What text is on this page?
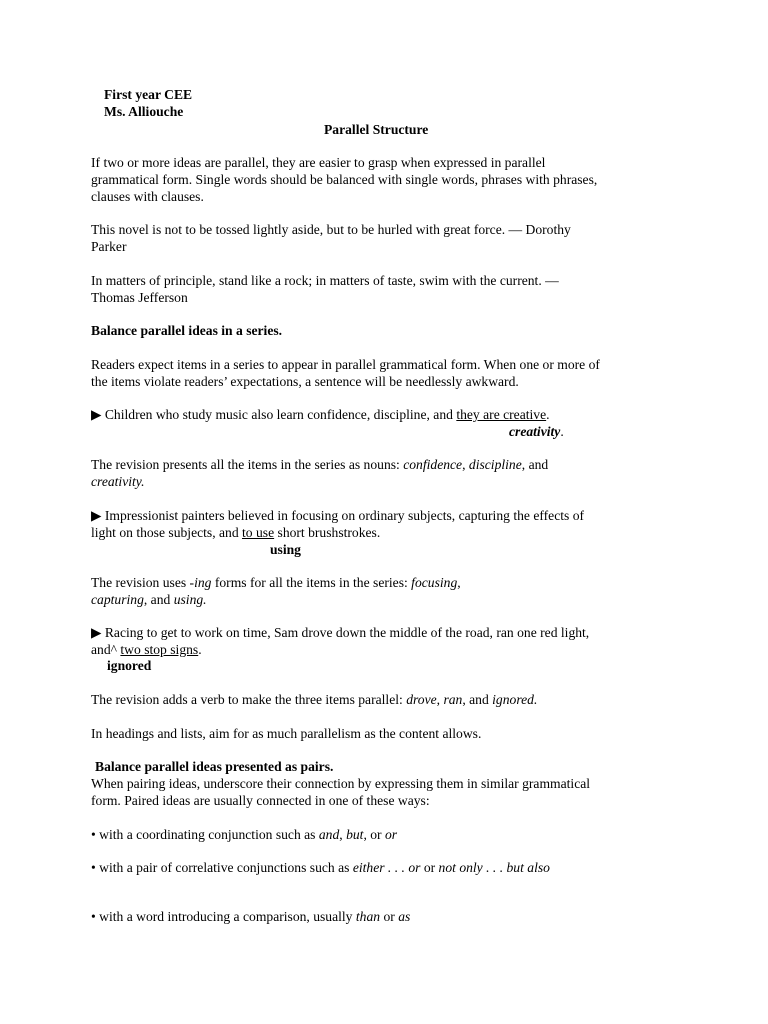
First year CEE
Ms. Alliouche
Parallel Structure
If two or more ideas are parallel, they are easier to grasp when expressed in parallel
grammatical form. Single words should be balanced with single words, phrases with phrases,
clauses with clauses.
This novel is not to be tossed lightly aside, but to be hurled with great force. — Dorothy
Parker
In matters of principle, stand like a rock; in matters of taste, swim with the current. —
Thomas Jefferson
Balance parallel ideas in a series.
Readers expect items in a series to appear in parallel grammatical form. When one or more of
the items violate readers’ expectations, a sentence will be needlessly awkward.
▶ Children who study music also learn confidence, discipline, and they are creative.
creativity.
The revision presents all the items in the series as nouns: confidence, discipline, and
creativity.
▶ Impressionist painters believed in focusing on ordinary subjects, capturing the effects of
light on those subjects, and to use short brushstrokes.
using
The revision uses -ing forms for all the items in the series: focusing,
capturing, and using.
▶ Racing to get to work on time, Sam drove down the middle of the road, ran one red light,
and^ two stop signs.
ignored
The revision adds a verb to make the three items parallel: drove, ran, and ignored.
In headings and lists, aim for as much parallelism as the content allows.
Balance parallel ideas presented as pairs.
When pairing ideas, underscore their connection by expressing them in similar grammatical
form. Paired ideas are usually connected in one of these ways:
• with a coordinating conjunction such as and, but, or or
• with a pair of correlative conjunctions such as either . . . or or not only . . . but also
• with a word introducing a comparison, usually than or as
